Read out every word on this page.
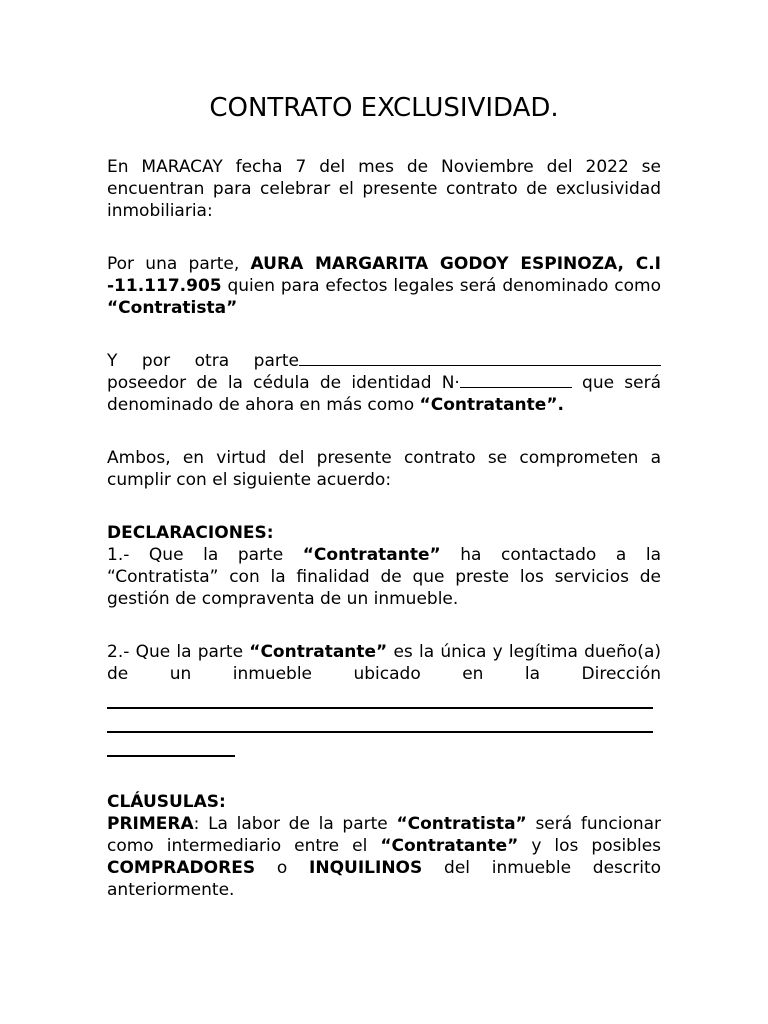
CONTRATO EXCLUSIVIDAD.

En MARACAY fecha 7 del mes de Noviembre del 2022 se encuentran para celebrar el presente contrato de exclusividad inmobiliaria:

Por una parte, AURA MARGARITA GODOY ESPINOZA, C.I -11.117.905 quien para efectos legales será denominado como “Contratista”

Y por otra parte
poseedor de la cédula de identidad N·	que será denominado de ahora en más como “Contratante”.

Ambos, en virtud del presente contrato se comprometen a cumplir con el siguiente acuerdo:

DECLARACIONES:
1.- Que la parte “Contratante” ha contactado a la “Contratista” con la finalidad de que preste los servicios de gestión de compraventa de un inmueble.

2.- Que la parte “Contratante” es la única y legítima dueño(a) de un inmueble ubicado en la Dirección

CLÁUSULAS:
PRIMERA: La labor de la parte “Contratista” será funcionar como intermediario entre el “Contratante” y los posibles COMPRADORES o INQUILINOS del inmueble descrito anteriormente.
